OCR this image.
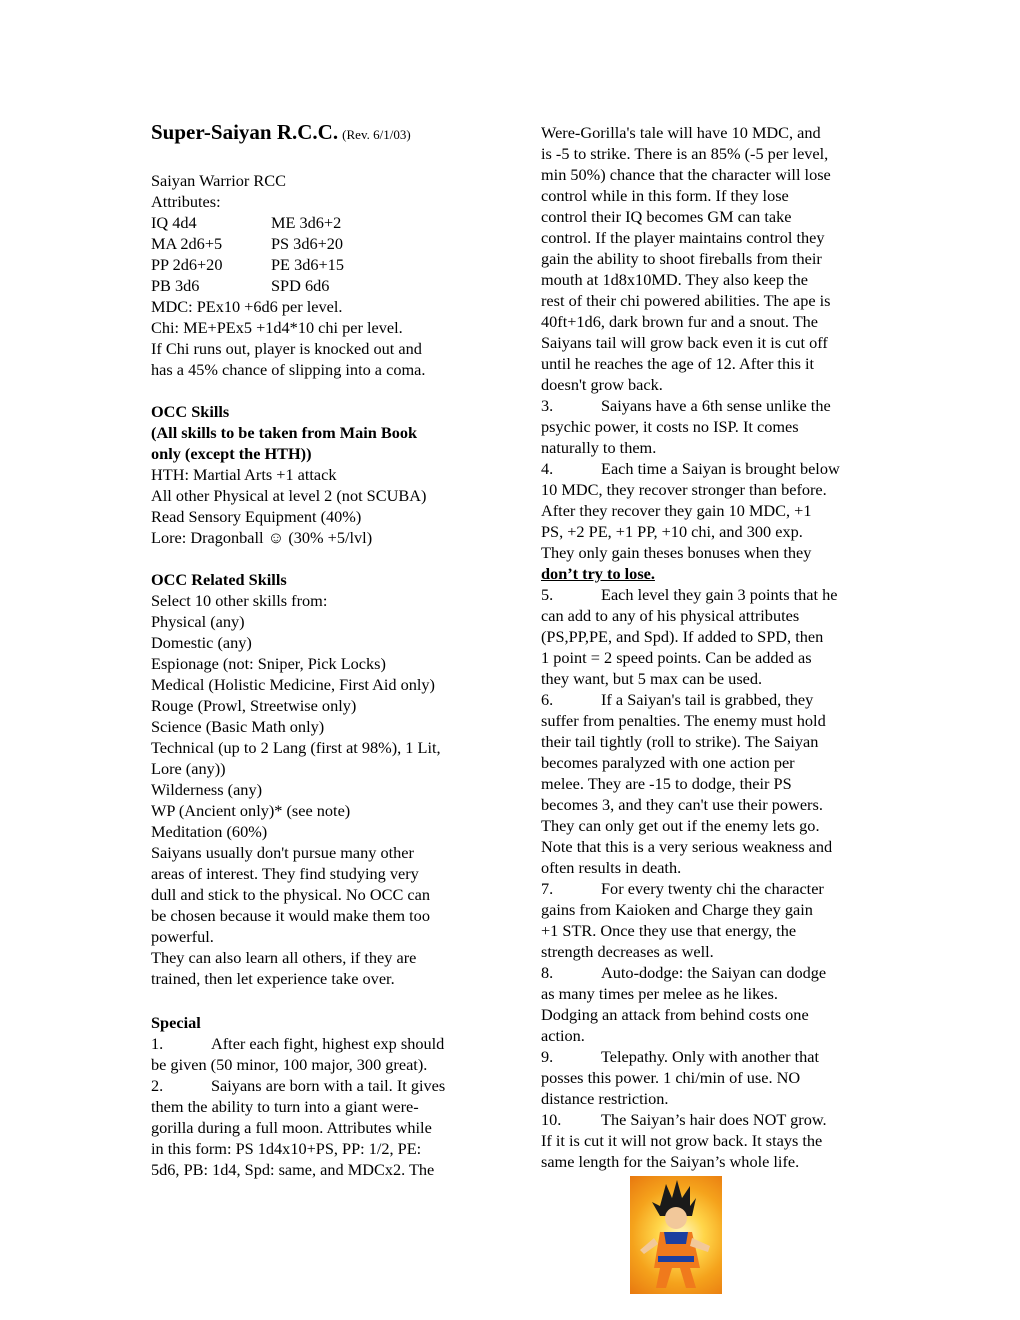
Super-Saiyan R.C.C. (Rev. 6/1/03)
Saiyan Warrior RCC
Attributes:
IQ 4d4	ME 3d6+2
MA 2d6+5	PS 3d6+20
PP 2d6+20	PE 3d6+15
PB 3d6	SPD 6d6
MDC: PEx10 +6d6 per level.
Chi: ME+PEx5 +1d4*10 chi per level.
If Chi runs out, player is knocked out and
has a 45% chance of slipping into a coma.
OCC Skills
(All skills to be taken from Main Book
only (except the HTH))
HTH: Martial Arts +1 attack
All other Physical at level 2 (not SCUBA)
Read Sensory Equipment (40%)
Lore: Dragonball ☺ (30% +5/lvl)
OCC Related Skills
Select 10 other skills from:
Physical (any)
Domestic (any)
Espionage (not: Sniper, Pick Locks)
Medical (Holistic Medicine, First Aid only)
Rouge (Prowl, Streetwise only)
Science (Basic Math only)
Technical (up to 2 Lang (first at 98%), 1 Lit,
Lore (any))
Wilderness (any)
WP (Ancient only)* (see note)
Meditation (60%)
Saiyans usually don't pursue many other
areas of interest. They find studying very
dull and stick to the physical. No OCC can
be chosen because it would make them too
powerful.
They can also learn all others, if they are
trained, then let experience take over.
Special
1.	After each fight, highest exp should
be given (50 minor, 100 major, 300 great).
2.	Saiyans are born with a tail. It gives
them the ability to turn into a giant were-
gorilla during a full moon. Attributes while
in this form: PS 1d4x10+PS, PP: 1/2, PE:
5d6, PB: 1d4, Spd: same, and MDCx2. The
Were-Gorilla's tale will have 10 MDC, and
is -5 to strike. There is an 85% (-5 per level,
min 50%) chance that the character will lose
control while in this form. If they lose
control their IQ becomes GM can take
control. If the player maintains control they
gain the ability to shoot fireballs from their
mouth at 1d8x10MD. They also keep the
rest of their chi powered abilities. The ape is
40ft+1d6, dark brown fur and a snout. The
Saiyans tail will grow back even it is cut off
until he reaches the age of 12. After this it
doesn't grow back.
3.	Saiyans have a 6th sense unlike the
psychic power, it costs no ISP. It comes
naturally to them.
4.	Each time a Saiyan is brought below
10 MDC, they recover stronger than before.
After they recover they gain 10 MDC, +1
PS, +2 PE, +1 PP, +10 chi, and 300 exp.
They only gain theses bonuses when they
don’t try to lose.
5.	Each level they gain 3 points that he
can add to any of his physical attributes
(PS,PP,PE, and Spd). If added to SPD, then
1 point = 2 speed points. Can be added as
they want, but 5 max can be used.
6.	If a Saiyan's tail is grabbed, they
suffer from penalties. The enemy must hold
their tail tightly (roll to strike). The Saiyan
becomes paralyzed with one action per
melee. They are -15 to dodge, their PS
becomes 3, and they can't use their powers.
They can only get out if the enemy lets go.
Note that this is a very serious weakness and
often results in death.
7.	For every twenty chi the character
gains from Kaioken and Charge they gain
+1 STR. Once they use that energy, the
strength decreases as well.
8.	Auto-dodge: the Saiyan can dodge
as many times per melee as he likes.
Dodging an attack from behind costs one
action.
9.	Telepathy. Only with another that
posses this power. 1 chi/min of use. NO
distance restriction.
10. The Saiyan’s hair does NOT grow.
If it is cut it will not grow back. It stays the
same length for the Saiyan’s whole life.
